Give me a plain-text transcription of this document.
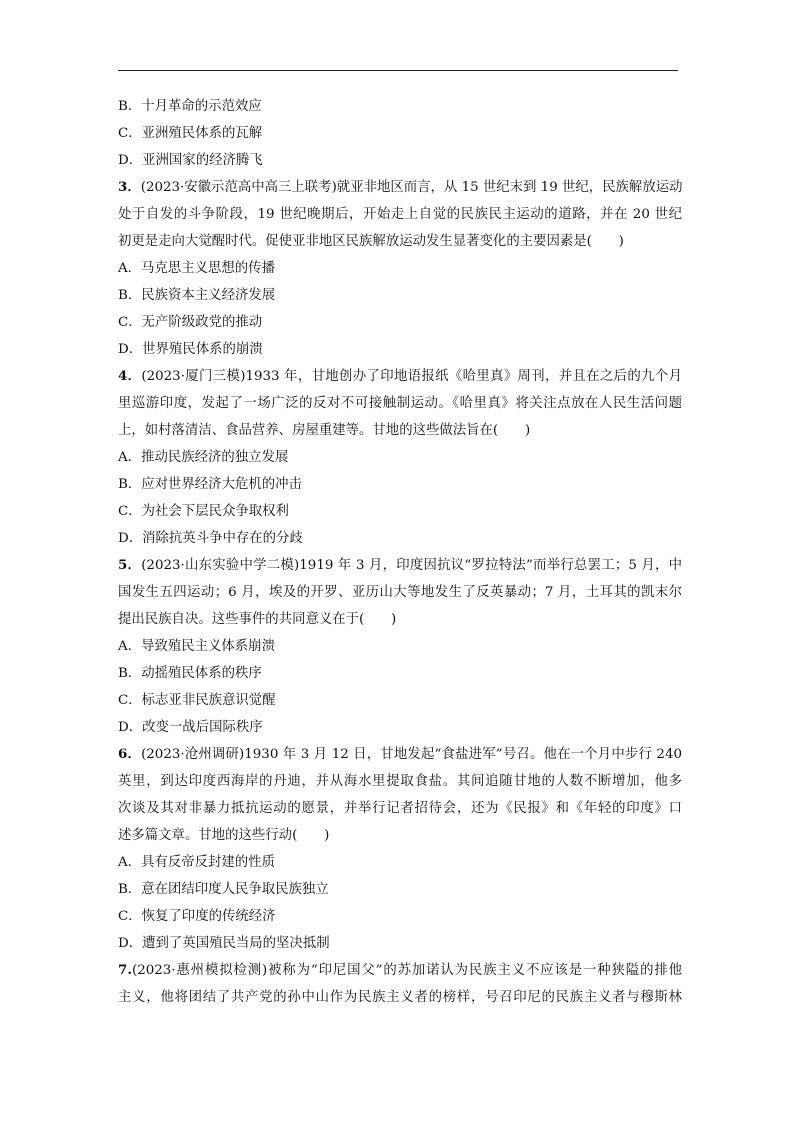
B．十月革命的示范效应
C．亚洲殖民体系的瓦解
D．亚洲国家的经济腾飞
3．(2023·安徽示范高中高三上联考)就亚非地区而言，从 15 世纪末到 19 世纪，民族解放运动
处于自发的斗争阶段，19 世纪晚期后，开始走上自觉的民族民主运动的道路，并在 20 世纪
初更是走向大觉醒时代。促使亚非地区民族解放运动发生显著变化的主要因素是(　　)
A．马克思主义思想的传播
B．民族资本主义经济发展
C．无产阶级政党的推动
D．世界殖民体系的崩溃
4．(2023·厦门三模)1933 年，甘地创办了印地语报纸《哈里真》周刊，并且在之后的九个月
里巡游印度，发起了一场广泛的反对不可接触制运动。《哈里真》将关注点放在人民生活问题
上，如村落清洁、食品营养、房屋重建等。甘地的这些做法旨在(　　)
A．推动民族经济的独立发展
B．应对世界经济大危机的冲击
C．为社会下层民众争取权利
D．消除抗英斗争中存在的分歧
5．(2023·山东实验中学二模)1919 年 3 月，印度因抗议“罗拉特法”而举行总罢工；5 月，中
国发生五四运动；6 月，埃及的开罗、亚历山大等地发生了反英暴动；7 月，土耳其的凯末尔
提出民族自决。这些事件的共同意义在于(　　)
A．导致殖民主义体系崩溃
B．动摇殖民体系的秩序
C．标志亚非民族意识觉醒
D．改变一战后国际秩序
6．(2023·沧州调研)1930 年 3 月 12 日，甘地发起“食盐进军”号召。他在一个月中步行 240
英里，到达印度西海岸的丹迪，并从海水里提取食盐。其间追随甘地的人数不断增加，他多
次谈及其对非暴力抵抗运动的愿景，并举行记者招待会，还为《民报》和《年轻的印度》口
述多篇文章。甘地的这些行动(　　)
A．具有反帝反封建的性质
B．意在团结印度人民争取民族独立
C．恢复了印度的传统经济
D．遭到了英国殖民当局的坚决抵制
7.(2023·惠州模拟检测)被称为“印尼国父”的苏加诺认为民族主义不应该是一种狭隘的排他
主义，他将团结了共产党的孙中山作为民族主义者的榜样，号召印尼的民族主义者与穆斯林
